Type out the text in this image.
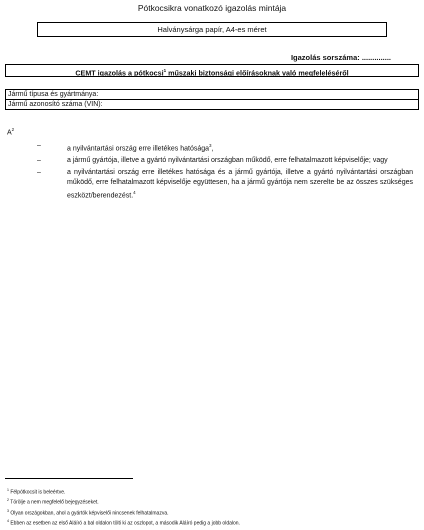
Pótkocsikra vonatkozó igazolás mintája
Halványsárga papír, A4-es méret
Igazolás sorszáma: ..............
CEMT igazolás a pótkocsi$^1$ műszaki biztonsági előírásoknak való megfeleléséről
Jármű típusa és gyártmánya:
Jármű azonosító száma (VIN):
$A^2$
–	a nyilvántartási ország erre illetékes hatósága$^3$,
–	a jármű gyártója, illetve a gyártó nyilvántartási országban működő, erre felhatalmazott képviselője; vagy
–	a nyilvántartási ország erre illetékes hatósága és a jármű gyártója, illetve a gyártó nyilvántartási országban működő, erre felhatalmazott képviselője együttesen, ha a jármű gyártója nem szerelte be az összes szükséges eszközt/berendezést.$^4$
$^1$ Félpótkocsit is beleértve.
$^2$ Törölje a nem megfelelő bejegyzéseket.
$^3$ Olyan országokban, ahol a gyártók képviselői nincsenek felhatalmazva.
$^4$ Ebben az esetben az első Aláíró a bal oldalon tölti ki az oszlopot, a második Aláíró pedig a jobb oldalon.
